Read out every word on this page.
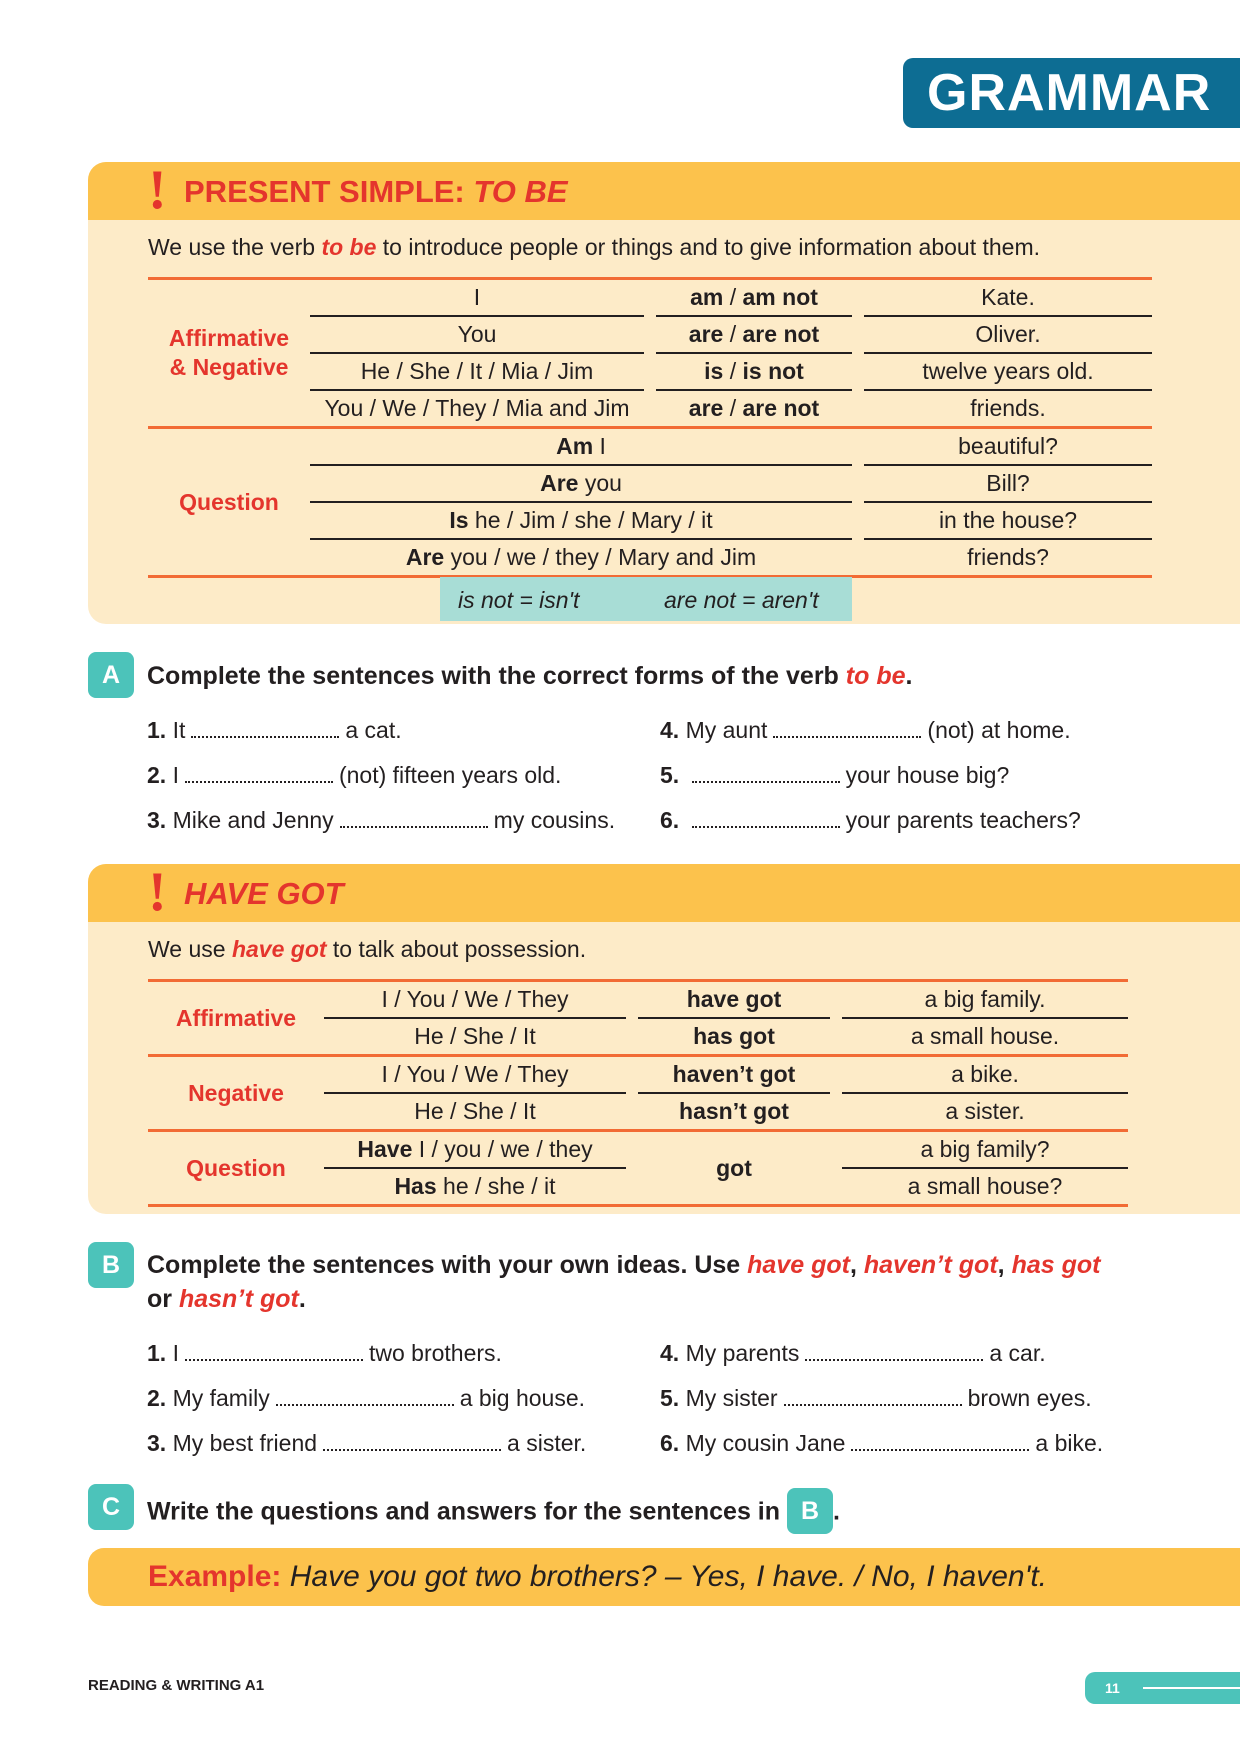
GRAMMAR
! PRESENT SIMPLE: TO BE
We use the verb to be to introduce people or things and to give information about them.
Affirmative
& Negative	I		am / am not		Kate.
	You		are / are not		Oliver.
	He / She / It / Mia / Jim		is / is not		twelve years old.
	You / We / They / Mia and Jim		are / are not		friends.
Question	Am I				beautiful?
	Are you				Bill?
	Is he / Jim / she / Mary / it				in the house?
	Are you / we / they / Mary and Jim				friends?
is not = isn't	are not = aren't
A	Complete the sentences with the correct forms of the verb to be.
1. It	a cat.
2. I	(not) fifteen years old.
3. Mike and Jenny	my cousins.
4. My aunt	(not) at home.
5.	your house big?
6.	your parents teachers?
! HAVE GOT
We use have got to talk about possession.
Affirmative	I / You / We / They		have got		a big family.
	He / She / It		has got		a small house.
Negative	I / You / We / They		haven’t got		a bike.
	He / She / It		hasn’t got		a sister.
Question	Have I / you / we / they		got		a big family?
	Has he / she / it				a small house?
B	Complete the sentences with your own ideas. Use have got, haven’t got, has got
or hasn’t got.
1. I	two brothers.
2. My family	a big house.
3. My best friend	a sister.
4. My parents	a car.
5. My sister	brown eyes.
6. My cousin Jane	a bike.
C	Write the questions and answers for the sentences in B .
Example: Have you got two brothers? – Yes, I have. / No, I haven't.
READING & WRITING A1	11
